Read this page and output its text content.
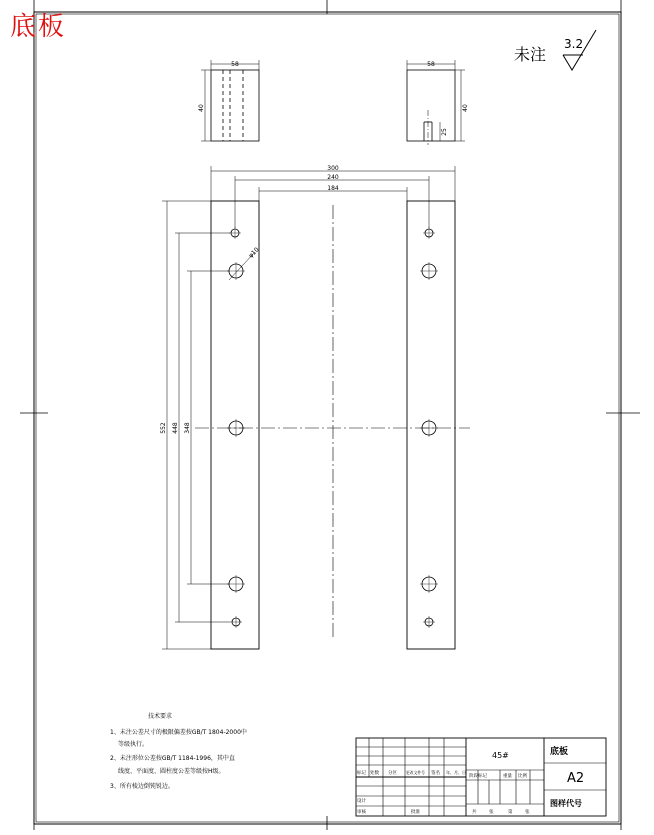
底板
未注
3.2
58
40
58
40
25
φ10
300
240
184
552 448 348
技术要求
1、未注公差尺寸的极限偏差按GB/T 1804-2000中
等级执行。
2、未注形位公差按GB/T 1184-1996，其中直
线度、平面度、圆柱度公差等级按H级。
3、所有棱边倒钝锐边。
标记 处数 分区 更改文件号 签名 年、月、日
设计
审核	批准
阶段标记	重量 比例
共	张	第	张
45#	底板
A2
图样代号
